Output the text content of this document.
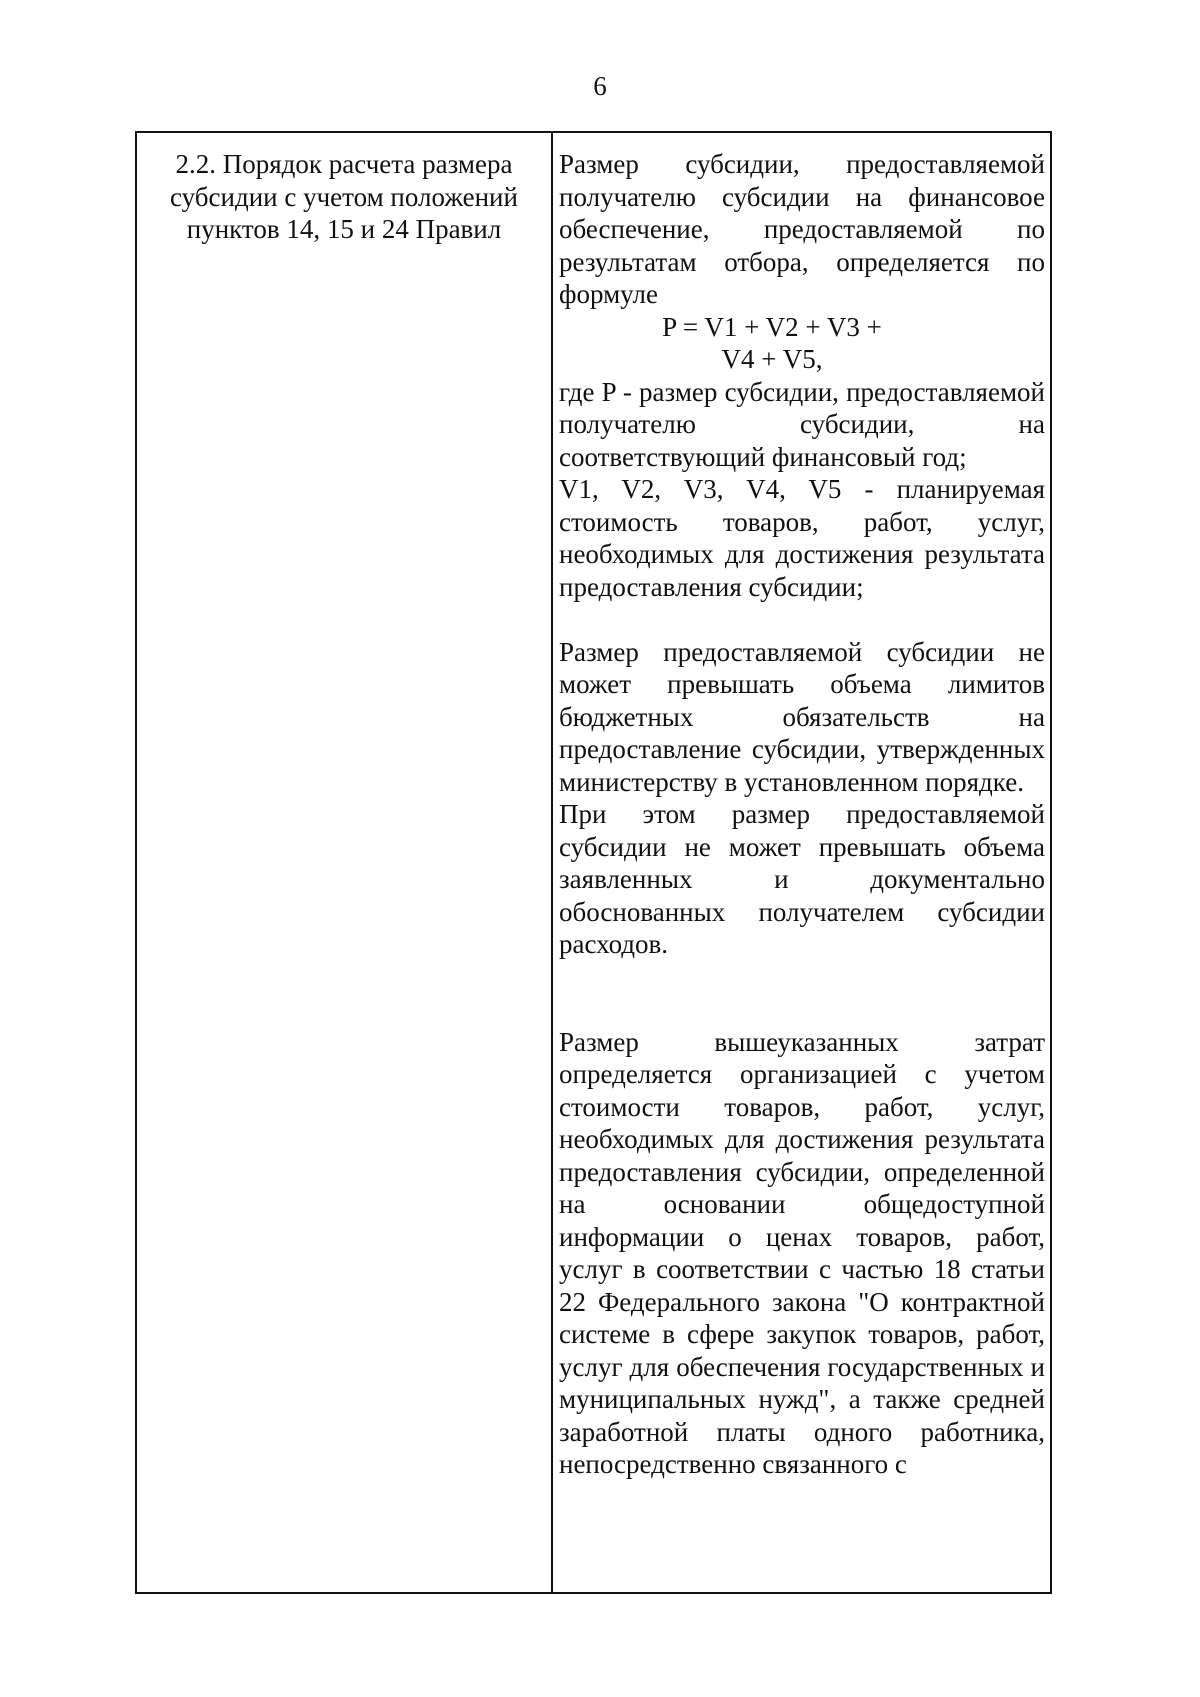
6
2.2. Порядок расчета размера субсидии с учетом положений пунктов 14, 15 и 24 Правил

Размер субсидии, предоставляемой получателю субсидии на финансовое обеспечение, предоставляемой по результатам отбора, определяется по формуле

P = V1 + V2 + V3 +

V4 + V5,

где P - размер субсидии, предоставляемой получателю субсидии, на соответствующий финансовый год;

V1, V2, V3, V4, V5 - планируемая стоимость товаров, работ, услуг, необходимых для достижения результата предоставления субсидии;

Размер предоставляемой субсидии не может превышать объема лимитов бюджетных обязательств на предоставление субсидии, утвержденных министерству в установленном порядке.

При этом размер предоставляемой субсидии не может превышать объема заявленных и документально обоснованных получателем субсидии расходов.

Размер вышеуказанных затрат определяется организацией с учетом стоимости товаров, работ, услуг, необходимых для достижения результата предоставления субсидии, определенной на основании общедоступной информации о ценах товаров, работ, услуг в соответствии с частью 18 статьи 22 Федерального закона "О контрактной системе в сфере закупок товаров, работ, услуг для обеспечения государственных и муниципальных нужд", а также средней заработной платы одного работника, непосредственно связанного с
